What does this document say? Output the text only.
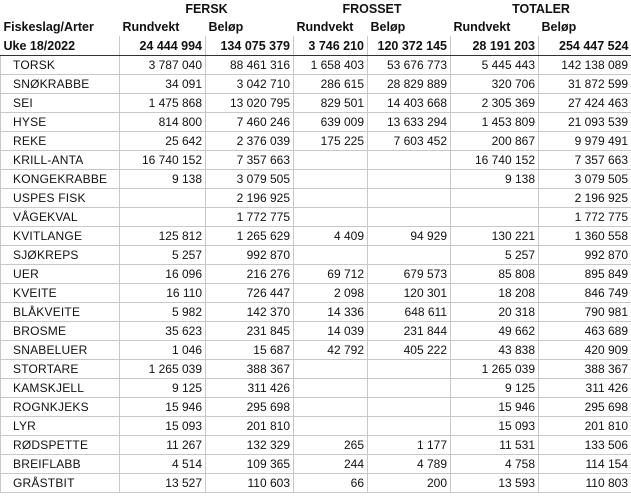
	FERSK		FROSSET		TOTALER	
Fiskeslag/Arter	Rundvekt	Beløp	Rundvekt	Beløp	Rundvekt	Beløp
Uke 18/2022	24 444 994	134 075 379	3 746 210	120 372 145	28 191 203	254 447 524
TORSK	3 787 040	88 461 316	1 658 403	53 676 773	5 445 443	142 138 089
SNØKRABBE	34 091	3 042 710	286 615	28 829 889	320 706	31 872 599
SEI	1 475 868	13 020 795	829 501	14 403 668	2 305 369	27 424 463
HYSE	814 800	7 460 246	639 009	13 633 294	1 453 809	21 093 539
REKE	25 642	2 376 039	175 225	7 603 452	200 867	9 979 491
KRILL-ANTA	16 740 152	7 357 663			16 740 152	7 357 663
KONGEKRABBE	9 138	3 079 505			9 138	3 079 505
USPES FISK		2 196 925				2 196 925
VÅGEKVAL		1 772 775				1 772 775
KVITLANGE	125 812	1 265 629	4 409	94 929	130 221	1 360 558
SJØKREPS	5 257	992 870			5 257	992 870
UER	16 096	216 276	69 712	679 573	85 808	895 849
KVEITE	16 110	726 447	2 098	120 301	18 208	846 749
BLÅKVEITE	5 982	142 370	14 336	648 611	20 318	790 981
BROSME	35 623	231 845	14 039	231 844	49 662	463 689
SNABELUER	1 046	15 687	42 792	405 222	43 838	420 909
STORTARE	1 265 039	388 367			1 265 039	388 367
KAMSKJELL	9 125	311 426			9 125	311 426
ROGNKJEKS	15 946	295 698			15 946	295 698
LYR	15 093	201 810			15 093	201 810
RØDSPETTE	11 267	132 329	265	1 177	11 531	133 506
BREIFLABB	4 514	109 365	244	4 789	4 758	114 154
GRÅSTBIT	13 527	110 603	66	200	13 593	110 803
